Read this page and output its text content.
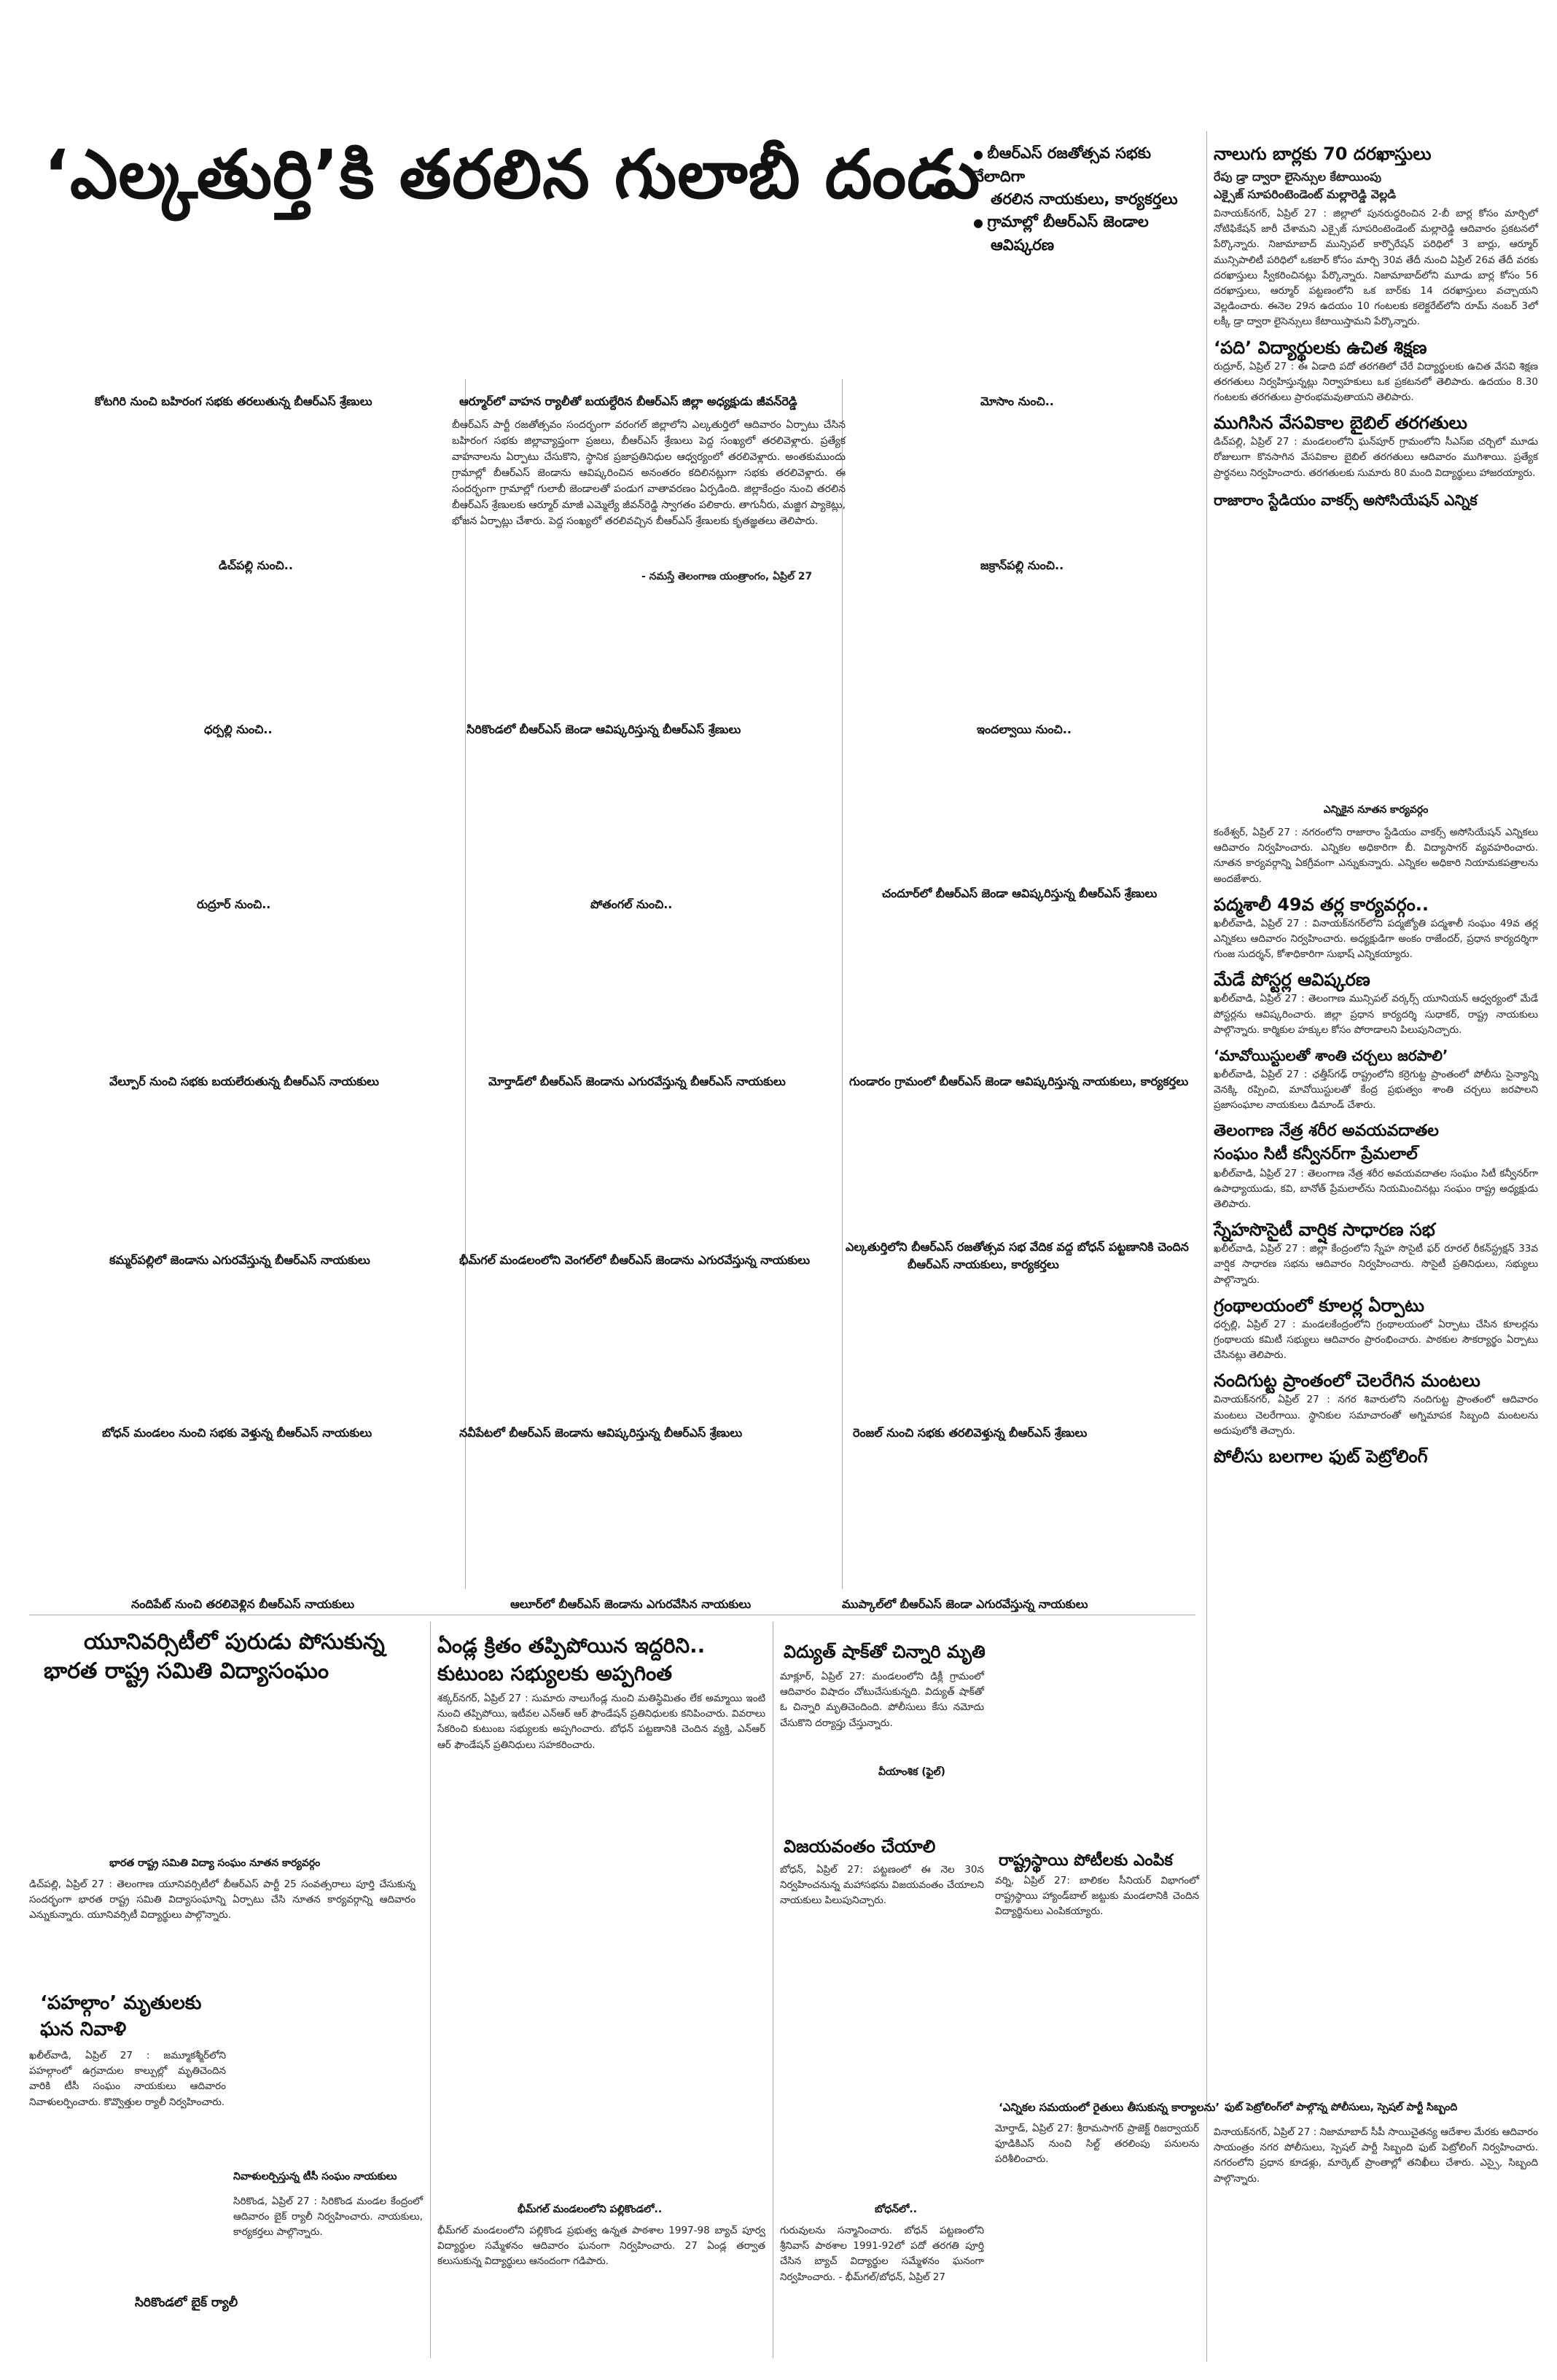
‘ఎల్కతుర్తి’కి తరలిన గులాబీ దండు
● బీఆర్ఎస్ రజతోత్సవ సభకు వేలాదిగా
తరలిన నాయకులు, కార్యకర్తలు
● గ్రామాల్లో బీఆర్ఎస్ జెండాల
ఆవిష్కరణ
కోటగిరి నుంచి బహిరంగ సభకు తరలుతున్న బీఆర్ఎస్ శ్రేణులు	ఆర్మూర్‌లో వాహన ర్యాలీతో బయల్దేరిన బీఆర్ఎస్ జిల్లా అధ్యక్షుడు జీవన్‌రెడ్డి	మోసాం నుంచి..
బీఆర్ఎస్ పార్టీ రజతోత్సవం సందర్భంగా వరంగల్ జిల్లాలోని ఎల్కతుర్తిలో ఆదివారం ఏర్పాటు చేసిన బహిరంగ సభకు జిల్లావ్యాప్తంగా ప్రజలు, బీఆర్ఎస్ శ్రేణులు పెద్ద సంఖ్యలో తరలివెళ్లారు. ప్రత్యేక వాహనాలను ఏర్పాటు చేసుకొని, స్థానిక ప్రజాప్రతినిధుల ఆధ్వర్యంలో తరలివెళ్లారు. అంతకుముందు గ్రామాల్లో బీఆర్ఎస్ జెండాను ఆవిష్కరించిన అనంతరం కదిలినట్లుగా సభకు తరలివెళ్లారు. ఈ సందర్భంగా గ్రామాల్లో గులాబీ జెండాలతో పండుగ వాతావరణం ఏర్పడింది. జిల్లాకేంద్రం నుంచి తరలిన బీఆర్ఎస్ శ్రేణులకు ఆర్మూర్ మాజీ ఎమ్మెల్యే జీవన్‌రెడ్డి స్వాగతం పలికారు. తాగునీరు, మజ్జిగ ప్యాకెట్లు, భోజన ఏర్పాట్లు చేశారు. పెద్ద సంఖ్యలో తరలివచ్చిన బీఆర్ఎస్ శ్రేణులకు కృతజ్ఞతలు తెలిపారు.
- నమస్తే తెలంగాణ యంత్రాంగం, ఏప్రిల్ 27
డిచ్‌పల్లి నుంచి..	జక్రాన్‌పల్లి నుంచి..
ధర్పల్లి నుంచి..	సిరికొండలో బీఆర్ఎస్ జెండా ఆవిష్కరిస్తున్న బీఆర్ఎస్ శ్రేణులు	ఇందల్వాయి నుంచి..
రుద్రూర్ నుంచి..	పోతంగల్ నుంచి..
చందూర్‌లో బీఆర్ఎస్ జెండా ఆవిష్కరిస్తున్న బీఆర్ఎస్ శ్రేణులు
వేల్పూర్ నుంచి సభకు బయలేరుతున్న బీఆర్ఎస్ నాయకులు	మోర్తాడ్‌లో బీఆర్ఎస్ జెండాను ఎగురవేస్తున్న బీఆర్ఎస్ నాయకులు	గుండారం గ్రామంలో బీఆర్ఎస్ జెండా ఆవిష్కరిస్తున్న నాయకులు, కార్యకర్తలు
కమ్మర్‌పల్లిలో జెండాను ఎగురవేస్తున్న బీఆర్ఎస్ నాయకులు	భీమ్‌గల్ మండలంలోని వెంగల్‌లో బీఆర్ఎస్ జెండాను ఎగురవేస్తున్న నాయకులు
ఎల్కతుర్తిలోని బీఆర్ఎస్ రజతోత్సవ సభ వేదిక వద్ద బోధన్ పట్టణానికి చెందిన
బీఆర్ఎస్ నాయకులు, కార్యకర్తలు
బోధన్ మండలం నుంచి సభకు వెళ్తున్న బీఆర్ఎస్ నాయకులు	నవీపేటలో బీఆర్ఎస్ జెండాను ఆవిష్కరిస్తున్న బీఆర్ఎస్ శ్రేణులు	రెంజల్ నుంచి సభకు తరలివెళ్తున్న బీఆర్ఎస్ శ్రేణులు
నందిపేట్ నుంచి తరలివెళ్లిన బీఆర్ఎస్ నాయకులు	ఆలూర్‌లో బీఆర్ఎస్ జెండాను ఎగురవేసిన నాయకులు	ముప్కాల్‌లో బీఆర్ఎస్ జెండా ఎగురవేస్తున్న నాయకులు
నాలుగు బార్లకు 70 దరఖాస్తులు
రేపు డ్రా ద్వారా లైసెన్సుల కేటాయింపు
ఎక్సైజ్ సూపరింటెండెంట్ మల్లారెడ్డి వెల్లడి
వినాయక్‌నగర్, ఏప్రిల్ 27 : జిల్లాలో పునరుద్ధరించిన 2-బీ బార్ల కోసం మార్చిలో నోటిఫికేషన్ జారీ చేశామని ఎక్సైజ్ సూపరింటెండెంట్ మల్లారెడ్డి ఆదివారం ప్రకటనలో పేర్కొన్నారు. నిజామాబాద్ మున్సిపల్ కార్పొరేషన్ పరిధిలో 3 బార్లు, ఆర్మూర్ మున్సిపాలిటీ పరిధిలో ఒకబార్ కోసం మార్చి 30వ తేదీ నుంచి ఏప్రిల్ 26వ తేదీ వరకు దరఖాస్తులు స్వీకరించినట్లు పేర్కొన్నారు. నిజామాబాద్‌లోని మూడు బార్ల కోసం 56 దరఖాస్తులు, ఆర్మూర్ పట్టణంలోని ఒక బార్‌కు 14 దరఖాస్తులు వచ్చాయని వెల్లడించారు. ఈనెల 29న ఉదయం 10 గంటలకు కలెక్టరేట్‌లోని రూమ్ నంబర్ 3లో లక్కీ డ్రా ద్వారా లైసెన్సులు కేటాయిస్తామని పేర్కొన్నారు.
‘పది’ విద్యార్థులకు ఉచిత శిక్షణ
రుద్రూర్, ఏప్రిల్ 27 : ఈ ఏడాది పదో తరగతిలో చేరే విద్యార్థులకు ఉచిత వేసవి శిక్షణ తరగతులు నిర్వహిస్తున్నట్లు నిర్వాహకులు ఒక ప్రకటనలో తెలిపారు. ఉదయం 8.30 గంటలకు తరగతులు ప్రారంభమవుతాయని తెలిపారు.
ముగిసిన వేసవికాల బైబిల్ తరగతులు
డిచ్‌పల్లి, ఏప్రిల్ 27 : మండలంలోని ఘన్‌పూర్ గ్రామంలోని సీఎస్ఐ చర్చిలో మూడు రోజులుగా కొనసాగిన వేసవికాల బైబిల్ తరగతులు ఆదివారం ముగిశాయి. ప్రత్యేక ప్రార్థనలు నిర్వహించారు. తరగతులకు సుమారు 80 మంది విద్యార్థులు హాజరయ్యారు.
రాజారాం స్టేడియం వాకర్స్ అసోసియేషన్ ఎన్నిక
ఎన్నికైన నూతన కార్యవర్గం
కంఠేశ్వర్, ఏప్రిల్ 27 : నగరంలోని రాజారాం స్టేడియం వాకర్స్ అసోసియేషన్ ఎన్నికలు ఆదివారం నిర్వహించారు. ఎన్నికల అధికారిగా బీ. విద్యాసాగర్ వ్యవహరించారు. నూతన కార్యవర్గాన్ని ఏకగ్రీవంగా ఎన్నుకున్నారు. ఎన్నికల అధికారి నియామకపత్రాలను అందజేశారు.
పద్మశాలీ 49వ తర్ల కార్యవర్గం..
ఖలీల్‌వాడి, ఏప్రిల్ 27 : వినాయక్‌నగర్‌లోని పద్మజ్యోతి పద్మశాలీ సంఘం 49వ తర్ల ఎన్నికలు ఆదివారం నిర్వహించారు. అధ్యక్షుడిగా అంకం రాజేందర్, ప్రధాన కార్యదర్శిగా గుంజ సుదర్శన్, కోశాధికారిగా సుభాష్ ఎన్నికయ్యారు.
మేడే పోస్టర్ల ఆవిష్కరణ
ఖలీల్‌వాడి, ఏప్రిల్ 27 : తెలంగాణ మున్సిపల్ వర్కర్స్ యూనియన్ ఆధ్వర్యంలో మేడే పోస్టర్లను ఆవిష్కరించారు. జిల్లా ప్రధాన కార్యదర్శి సుధాకర్, రాష్ట్ర నాయకులు పాల్గొన్నారు. కార్మికుల హక్కుల కోసం పోరాడాలని పిలుపునిచ్చారు.
‘మావోయిస్టులతో శాంతి చర్చలు జరపాలి’
ఖలీల్‌వాడి, ఏప్రిల్ 27 : ఛత్తీస్‌గఢ్ రాష్ట్రంలోని కర్రెగుట్ట ప్రాంతంలో పోలీసు సైన్యాన్ని వెనక్కి రప్పించి, మావోయిస్టులతో కేంద్ర ప్రభుత్వం శాంతి చర్చలు జరపాలని ప్రజాసంఘాల నాయకులు డిమాండ్ చేశారు.
తెలంగాణ నేత్ర శరీర అవయవదాతల
సంఘం సిటీ కన్వీనర్‌గా ప్రేమలాల్
ఖలీల్‌వాడి, ఏప్రిల్ 27 : తెలంగాణ నేత్ర శరీర అవయవదాతల సంఘం సిటీ కన్వీనర్‌గా ఉపాధ్యాయుడు, కవి, బానోత్ ప్రేమలాల్‌ను నియమించినట్లు సంఘం రాష్ట్ర అధ్యక్షుడు తెలిపారు.
స్నేహసొసైటీ వార్షిక సాధారణ సభ
ఖలీల్‌వాడి, ఏప్రిల్ 27 : జిల్లా కేంద్రంలోని స్నేహ సొసైటీ ఫర్ రూరల్ రీకన్‌స్ట్రక్షన్ 33వ వార్షిక సాధారణ సభను ఆదివారం నిర్వహించారు. సొసైటీ ప్రతినిధులు, సభ్యులు పాల్గొన్నారు.
గ్రంథాలయంలో కూలర్ల ఏర్పాటు
ధర్పల్లి, ఏప్రిల్ 27 : మండలకేంద్రంలోని గ్రంథాలయంలో ఏర్పాటు చేసిన కూలర్లను గ్రంథాలయ కమిటీ సభ్యులు ఆదివారం ప్రారంభించారు. పాఠకుల సౌకర్యార్థం ఏర్పాటు చేసినట్లు తెలిపారు.
నందిగుట్ట ప్రాంతంలో చెలరేగిన మంటలు
వినాయక్‌నగర్, ఏప్రిల్ 27 : నగర శివారులోని నందిగుట్ట ప్రాంతంలో ఆదివారం మంటలు చెలరేగాయి. స్థానికుల సమాచారంతో అగ్నిమాపక సిబ్బంది మంటలను అదుపులోకి తెచ్చారు.
పోలీసు బలగాల ఫుట్ పెట్రోలింగ్
ఫుట్ పెట్రోలింగ్‌లో పాల్గొన్న పోలీసులు, స్పెషల్ పార్టీ సిబ్బంది
వినాయక్‌నగర్, ఏప్రిల్ 27 : నిజామాబాద్ సీపీ సాయిచైతన్య ఆదేశాల మేరకు ఆదివారం సాయంత్రం నగర పోలీసులు, స్పెషల్ పార్టీ సిబ్బంది ఫుట్ పెట్రోలింగ్ నిర్వహించారు. నగరంలోని ప్రధాన కూడళ్లు, మార్కెట్ ప్రాంతాల్లో తనిఖీలు చేశారు. ఎస్సై, సిబ్బంది పాల్గొన్నారు.
యూనివర్సిటీలో పురుడు పోసుకున్న
భారత రాష్ట్ర సమితి విద్యాసంఘం
భారత రాష్ట్ర సమితి విద్యా సంఘం నూతన కార్యవర్గం
డిచ్‌పల్లి, ఏప్రిల్ 27 : తెలంగాణ యూనివర్సిటీలో బీఆర్ఎస్ పార్టీ 25 సంవత్సరాలు పూర్తి చేసుకున్న సందర్భంగా భారత రాష్ట్ర సమితి విద్యాసంఘాన్ని ఏర్పాటు చేసి నూతన కార్యవర్గాన్ని ఆదివారం ఎన్నుకున్నారు. యూనివర్సిటీ విద్యార్థులు పాల్గొన్నారు.
‘పహల్గాం’ మృతులకు
ఘన నివాళి
ఖలీల్‌వాడి, ఏప్రిల్ 27 : జమ్మూకశ్మీర్‌లోని పహల్గాంలో ఉగ్రవాదుల కాల్పుల్లో మృతిచెందిన వారికి టీసీ సంఘం నాయకులు ఆదివారం నివాళులర్పించారు. కొవ్వొత్తుల ర్యాలీ నిర్వహించారు.
నివాళులర్పిస్తున్న టీసీ సంఘం నాయకులు
సిరికొండలో బైక్ ర్యాలీ
సిరికొండ, ఏప్రిల్ 27 : సిరికొండ మండల కేంద్రంలో ఆదివారం బైక్ ర్యాలీ నిర్వహించారు. నాయకులు, కార్యకర్తలు పాల్గొన్నారు.
ఏండ్ల క్రితం తప్పిపోయిన ఇద్దరిని..
కుటుంబ సభ్యులకు అప్పగింత
శక్కర్‌నగర్, ఏప్రిల్ 27 : సుమారు నాలుగేండ్ల నుంచి మతిస్థిమితం లేక అమ్మాయి ఇంటి నుంచి తప్పిపోయి, ఇటీవల ఎన్‌ఆర్ ఆర్ ఫౌండేషన్ ప్రతినిధులకు కనిపించారు. వివరాలు సేకరించి కుటుంబ సభ్యులకు అప్పగించారు. బోధన్ పట్టణానికి చెందిన వ్యక్తి, ఎన్‌ఆర్ ఆర్ ఫౌండేషన్ ప్రతినిధులు సహకరించారు.
భీమ్‌గల్ మండలంలోని పల్లికొండలో..
భీమ్‌గల్ మండలంలోని పల్లికొండ ప్రభుత్వ ఉన్నత పాఠశాల 1997-98 బ్యాచ్ పూర్వ విద్యార్థుల సమ్మేళనం ఆదివారం ఘనంగా నిర్వహించారు. 27 ఏండ్ల తర్వాత కలుసుకున్న విద్యార్థులు ఆనందంగా గడిపారు.
విద్యుత్ షాక్‌తో చిన్నారి మృతి
మాక్లూర్, ఏప్రిల్ 27: మండలంలోని డిక్లీ గ్రామంలో ఆదివారం విషాదం చోటుచేసుకున్నది. విద్యుత్ షాక్‌తో ఓ చిన్నారి మృతిచెందింది. పోలీసులు కేసు నమోదు చేసుకొని దర్యాప్తు చేస్తున్నారు.
వీయాంశిక (ఫైల్)
విజయవంతం చేయాలి
బోధన్, ఏప్రిల్ 27: పట్టణంలో ఈ నెల 30న నిర్వహించనున్న మహాసభను విజయవంతం చేయాలని నాయకులు పిలుపునిచ్చారు.
రాష్ట్రస్థాయి పోటీలకు ఎంపిక
వర్ని, ఏప్రిల్ 27: బాలికల సీనియర్ విభాగంలో రాష్ట్రస్థాయి హ్యాండ్‌బాల్ జట్టుకు మండలానికి చెందిన విద్యార్థినులు ఎంపికయ్యారు.
‘ఎన్నికల సమయంలో రైతులు తీసుకున్న కార్యాలను’
మోర్తాడ్, ఏప్రిల్ 27: శ్రీరామసాగర్ ప్రాజెక్ట్ రిజర్వాయర్ ఫూడికిఎస్ నుంచి సిల్ట్ తరలింపు పనులను పరిశీలించారు.
బోధన్‌లో..
గురువులను సన్మానించారు. బోధన్ పట్టణంలోని శ్రీనివాస్ పాఠశాల 1991-92లో పదో తరగతి పూర్తి చేసిన బ్యాచ్ విద్యార్థుల సమ్మేళనం ఘనంగా నిర్వహించారు. - భీమ్‌గల్/బోధన్, ఏప్రిల్ 27
